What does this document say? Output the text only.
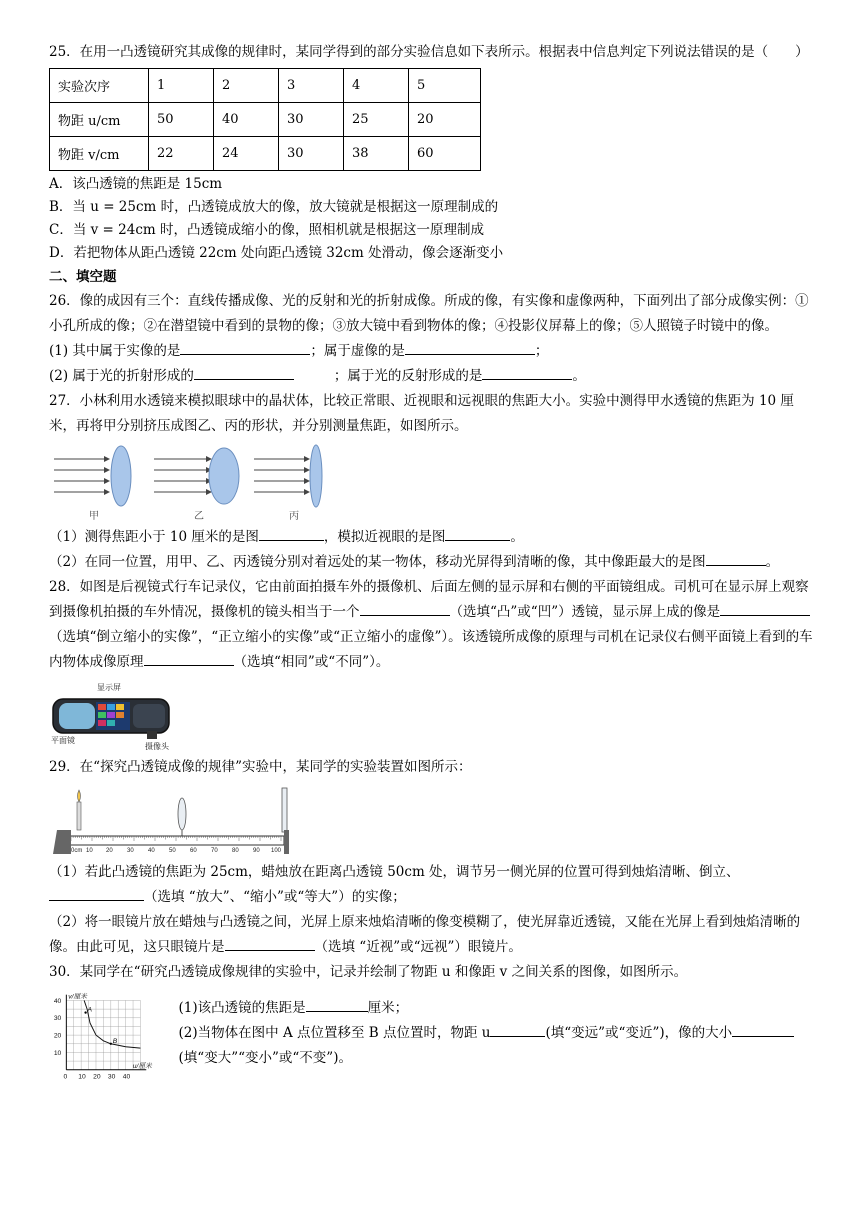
25．在用一凸透镜研究其成像的规律时，某同学得到的部分实验信息如下表所示。根据表中信息判定下列说法错误的是（　　）

实验次序	1	2	3	4	5
物距 u/cm	50	40	30	25	20
物距 v/cm	22	24	30	38	60

A．该凸透镜的焦距是 15cm

B．当 u = 25cm 时，凸透镜成放大的像，放大镜就是根据这一原理制成的

C．当 v = 24cm 时，凸透镜成缩小的像，照相机就是根据这一原理制成

D．若把物体从距凸透镜 22cm 处向距凸透镜 32cm 处滑动，像会逐渐变小

二、填空题

26．像的成因有三个：直线传播成像、光的反射和光的折射成像。所成的像，有实像和虚像两种，下面列出了部分成像实例：①小孔所成的像；②在潜望镜中看到的景物的像；③放大镜中看到物体的像；④投影仪屏幕上的像；⑤人照镜子时镜中的像。

(1) 其中属于实像的是	；属于虚像的是	；

(2) 属于光的折射形成的	；属于光的反射形成的是	。

27．小林利用水透镜来模拟眼球中的晶状体，比较正常眼、近视眼和远视眼的焦距大小。实验中测得甲水透镜的焦距为 10 厘米，再将甲分别挤压成图乙、丙的形状，并分别测量焦距，如图所示。

甲	乙	丙

（1）测得焦距小于 10 厘米的是图	，模拟近视眼的是图	。

（2）在同一位置，用甲、乙、丙透镜分别对着远处的某一物体，移动光屏得到清晰的像，其中像距最大的是图	。

28．如图是后视镜式行车记录仪，它由前面拍摄车外的摄像机、后面左侧的显示屏和右侧的平面镜组成。司机可在显示屏上观察到摄像机拍摄的车外情况，摄像机的镜头相当于一个	（选填“凸”或“凹”）透镜，显示屏上成的像是（选填“倒立缩小的实像”，“正立缩小的实像”或“正立缩小的虚像”）。该透镜所成像的原理与司机在记录仪右侧平面镜上看到的车内物体成像原理	（选填“相同”或“不同”）。

显示屏
平面镜
摄像头

29．在“探究凸透镜成像的规律”实验中，某同学的实验装置如图所示：

0cm 10 20 30 40 50 60 70 80 90 100

（1）若此凸透镜的焦距为 25cm，蜡烛放在距离凸透镜 50cm 处，调节另一侧光屏的位置可得到烛焰清晰、倒立、（选填 “放大”、“缩小”或“等大”）的实像；

（2）将一眼镜片放在蜡烛与凸透镜之间，光屏上原来烛焰清晰的像变模糊了，使光屏靠近透镜，又能在光屏上看到烛焰清晰的像。由此可见，这只眼镜片是	（选填 “近视”或“远视”）眼镜片。

30．某同学在“研究凸透镜成像规律的实验中，记录并绘制了物距 u 和像距 v 之间关系的图像，如图所示。

0 10 20 30 40
10
20
30
40
u/厘米
v/厘米
A
B

(1)该凸透镜的焦距是	厘米；

(2)当物体在图中 A 点位置移至 B 点位置时，物距 u	(填“变远”或“变近”)，像的大小(填“变大”“变小”或“不变”)。
